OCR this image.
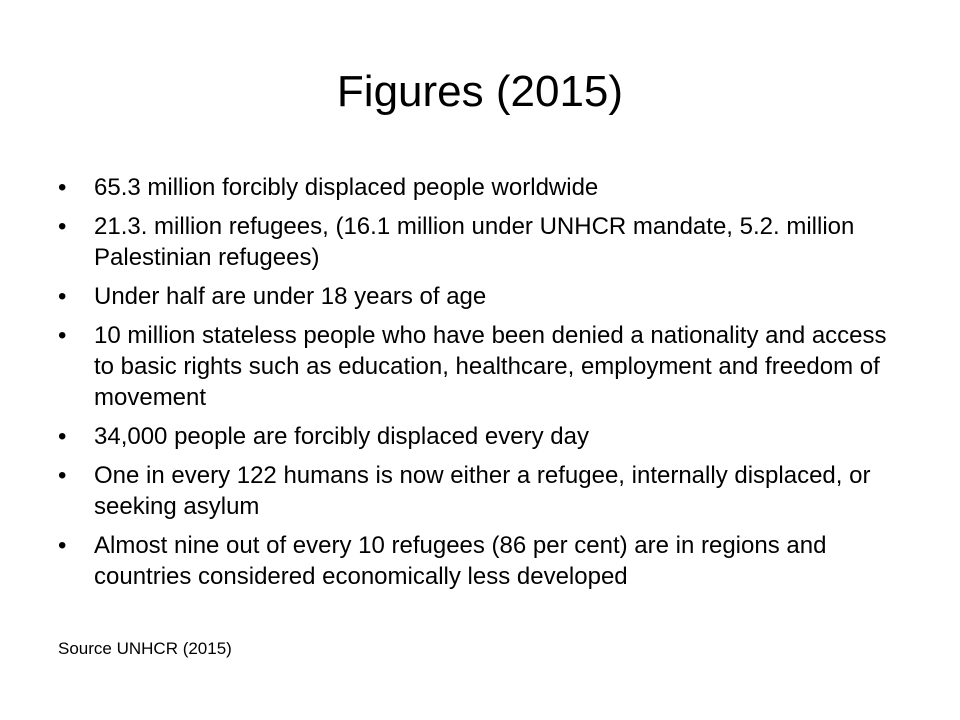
Figures (2015)
•	65.3 million forcibly displaced people worldwide
•	21.3. million refugees, (16.1 million under UNHCR mandate, 5.2. million Palestinian refugees)
•	Under half are under 18 years of age
•	10 million stateless people who have been denied a nationality and access to basic rights such as education, healthcare, employment and freedom of movement
•	34,000 people are forcibly displaced every day
•	One in every 122 humans is now either a refugee, internally displaced, or seeking asylum
•	Almost nine out of every 10 refugees (86 per cent) are in regions and countries considered economically less developed
Source UNHCR (2015)
